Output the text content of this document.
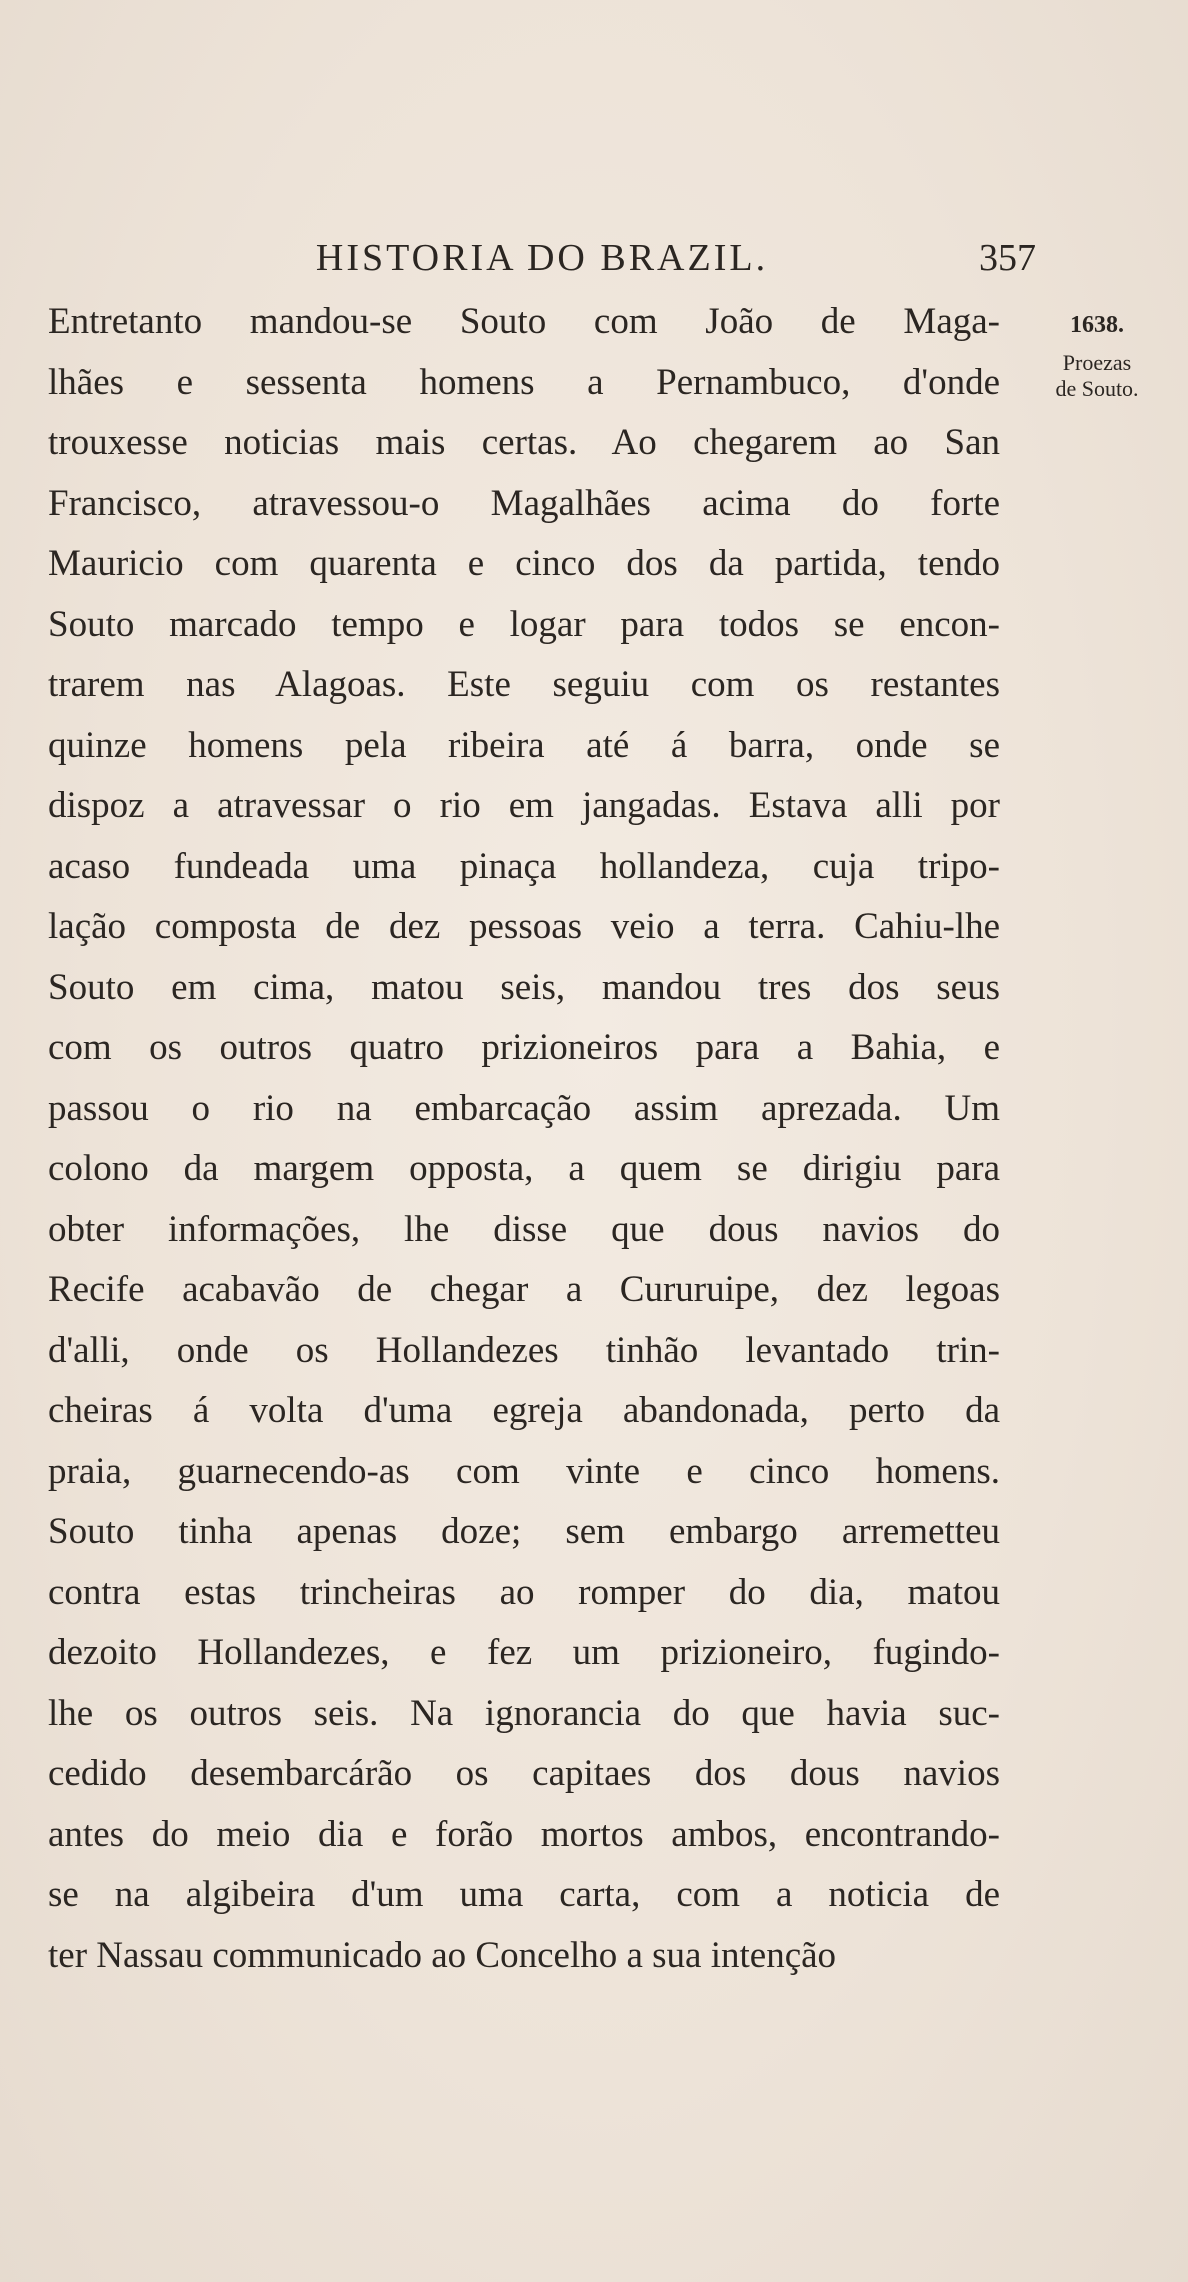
HISTORIA DO BRAZIL.	357
1638.
Proezas
de Souto.
Entretanto mandou-se Souto com João de Maga-
lhães e sessenta homens a Pernambuco, d'onde
trouxesse noticias mais certas. Ao chegarem ao San
Francisco, atravessou-o Magalhães acima do forte
Mauricio com quarenta e cinco dos da partida, tendo
Souto marcado tempo e logar para todos se encon-
trarem nas Alagoas. Este seguiu com os restantes
quinze homens pela ribeira até á barra, onde se
dispoz a atravessar o rio em jangadas. Estava alli por
acaso fundeada uma pinaça hollandeza, cuja tripo-
lação composta de dez pessoas veio a terra. Cahiu-lhe
Souto em cima, matou seis, mandou tres dos seus
com os outros quatro prizioneiros para a Bahia, e
passou o rio na embarcação assim aprezada. Um
colono da margem opposta, a quem se dirigiu para
obter informações, lhe disse que dous navios do
Recife acabavão de chegar a Cururuipe, dez legoas
d'alli, onde os Hollandezes tinhão levantado trin-
cheiras á volta d'uma egreja abandonada, perto da
praia, guarnecendo-as com vinte e cinco homens.
Souto tinha apenas doze; sem embargo arremetteu
contra estas trincheiras ao romper do dia, matou
dezoito Hollandezes, e fez um prizioneiro, fugindo-
lhe os outros seis. Na ignorancia do que havia suc-
cedido desembarcárão os capitaes dos dous navios
antes do meio dia e forão mortos ambos, encontrando-
se na algibeira d'um uma carta, com a noticia de
ter Nassau communicado ao Concelho a sua intenção
